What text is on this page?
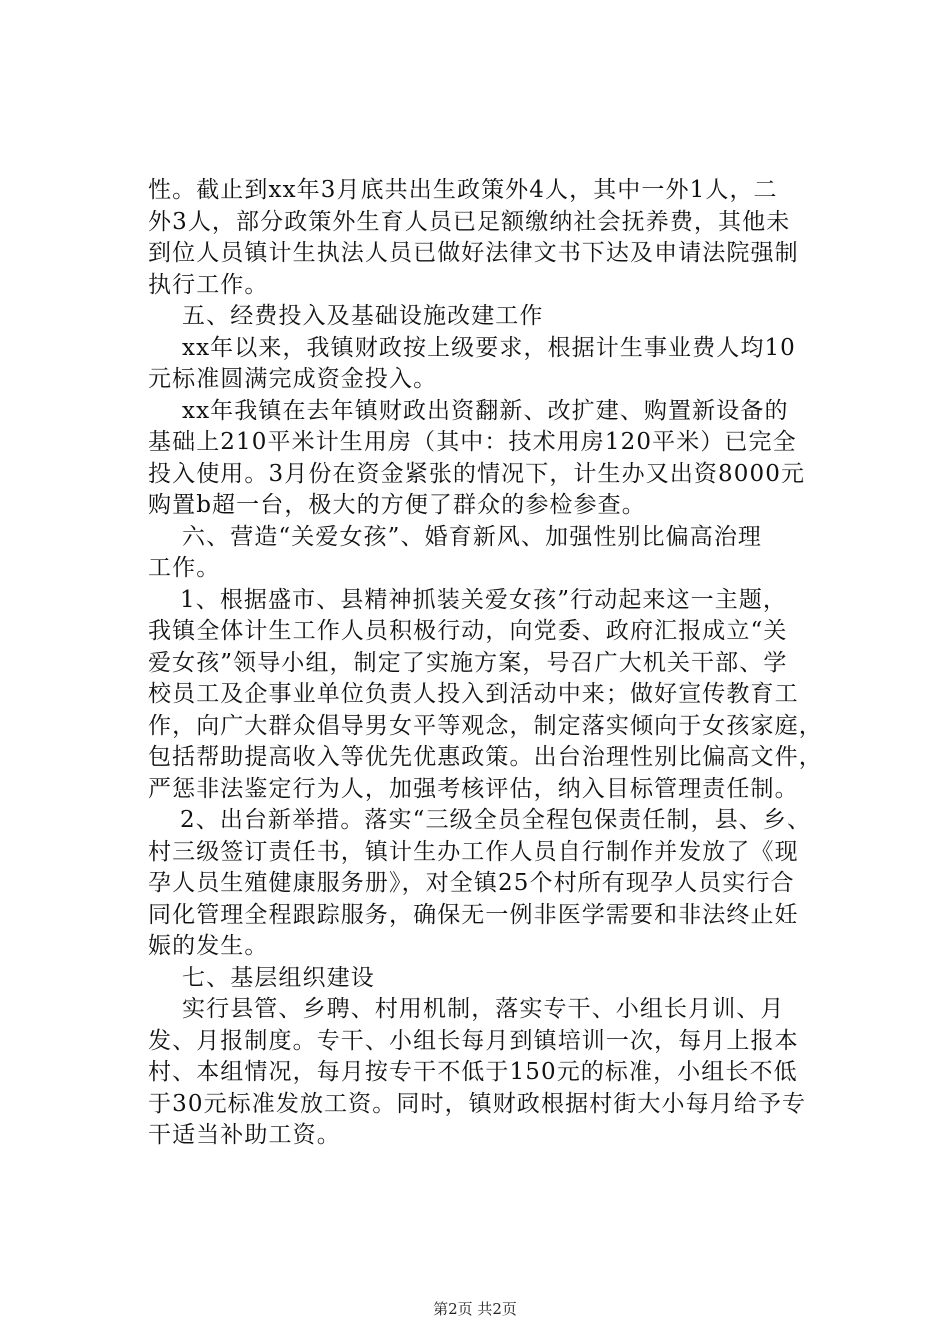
性。截止到xx年3月底共出生政策外4人，其中一外1人，二
外3人，部分政策外生育人员已足额缴纳社会抚养费，其他未
到位人员镇计生执法人员已做好法律文书下达及申请法院强制
执行工作。
五、经费投入及基础设施改建工作
xx年以来，我镇财政按上级要求，根据计生事业费人均10
元标准圆满完成资金投入。
xx年我镇在去年镇财政出资翻新、改扩建、购置新设备的
基础上210平米计生用房（其中：技术用房120平米）已完全
投入使用。3月份在资金紧张的情况下，计生办又出资8000元
购置b超一台，极大的方便了群众的参检参查。
六、营造“关爱女孩”、婚育新风、加强性别比偏高治理
工作。
1、根据盛市、县精神抓装关爱女孩”行动起来这一主题，
我镇全体计生工作人员积极行动，向党委、政府汇报成立“关
爱女孩”领导小组，制定了实施方案，号召广大机关干部、学
校员工及企事业单位负责人投入到活动中来；做好宣传教育工
作，向广大群众倡导男女平等观念，制定落实倾向于女孩家庭，
包括帮助提高收入等优先优惠政策。出台治理性别比偏高文件，
严惩非法鉴定行为人，加强考核评估，纳入目标管理责任制。
2、出台新举措。落实“三级全员全程包保责任制，县、乡、
村三级签订责任书，镇计生办工作人员自行制作并发放了《现
孕人员生殖健康服务册》，对全镇25个村所有现孕人员实行合
同化管理全程跟踪服务，确保无一例非医学需要和非法终止妊
娠的发生。
七、基层组织建设
实行县管、乡聘、村用机制，落实专干、小组长月训、月
发、月报制度。专干、小组长每月到镇培训一次，每月上报本
村、本组情况，每月按专干不低于150元的标准，小组长不低
于30元标准发放工资。同时，镇财政根据村街大小每月给予专
干适当补助工资。
第2页 共2页
